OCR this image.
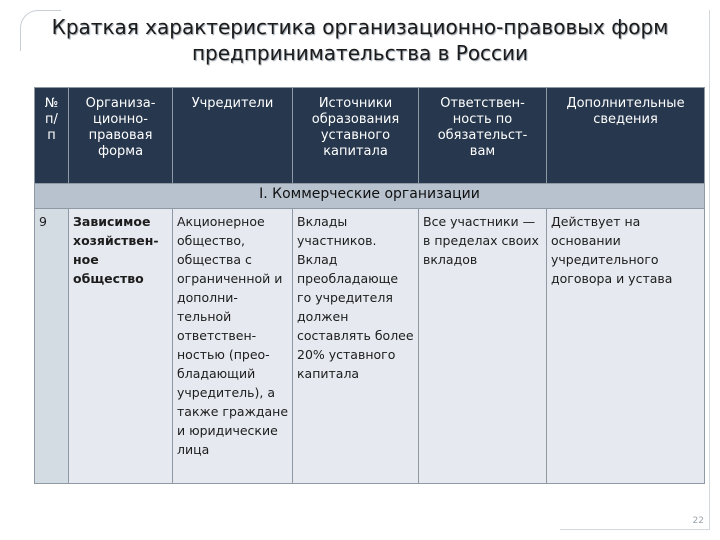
Краткая характеристика организационно-правовых форм
предпринимательства в России
№ п/ п	Организа- ционно- правовая форма	Учредители	Источники образования уставного капитала	Ответствен- ность по обязательст- вам	Дополнительные сведения
I. Коммерческие организации					
9	Зависимое хозяйствен-ное общество	Акционерное общество, общества с ограниченной и дополни-тельной ответствен-ностью (прео-бладающий учредитель), а также граждане и юридические лица	Вклады участников. Вклад преобладающе го учредителя должен составлять более 20% уставного капитала	Все участники — в пределах своих вкладов	Действует на основании учредительного договора и устава
22
